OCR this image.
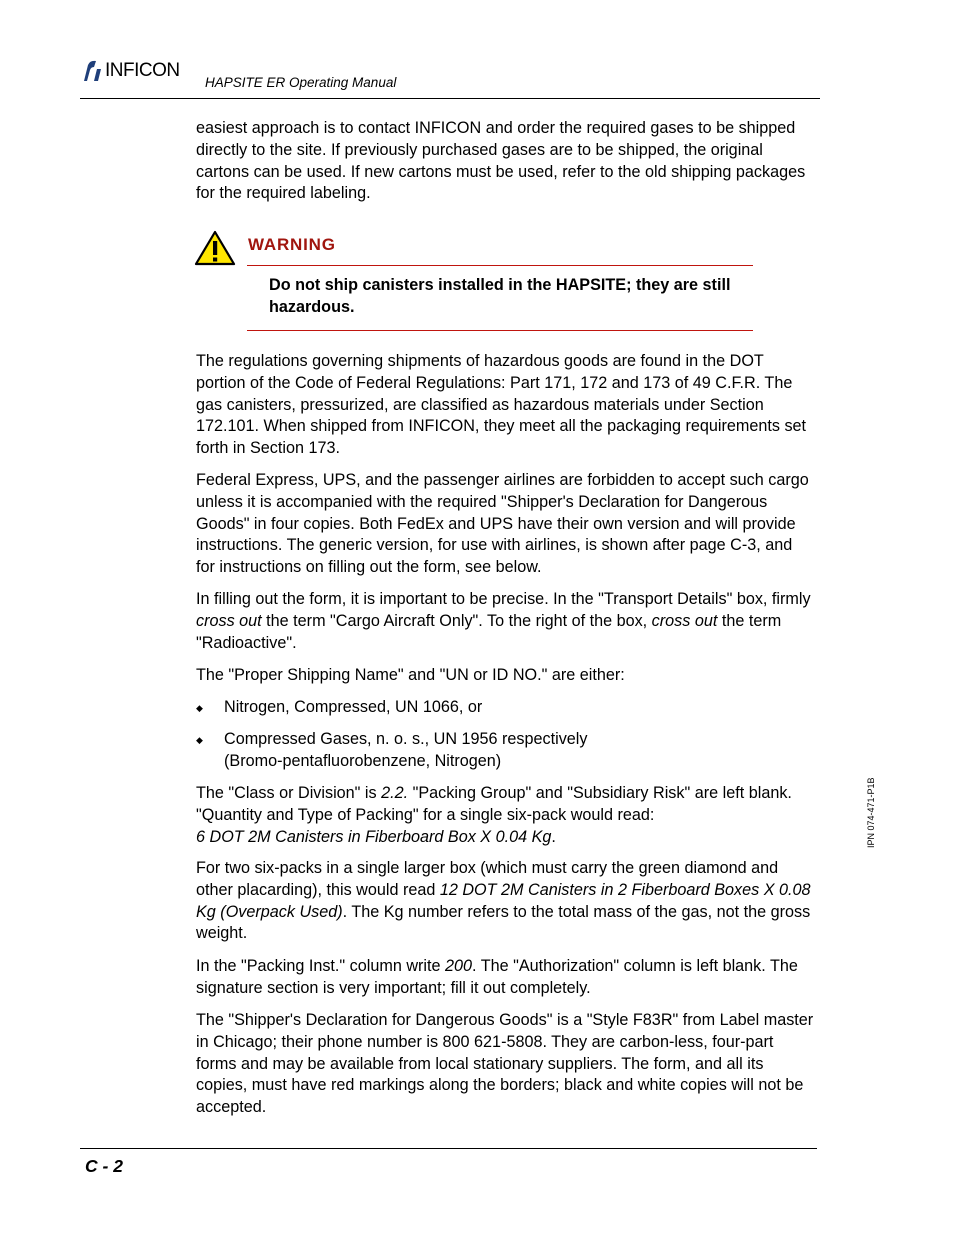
INFICON
HAPSITE ER Operating Manual

easiest approach is to contact INFICON and order the required gases to be shipped directly to the site. If previously purchased gases are to be shipped, the original cartons can be used. If new cartons must be used, refer to the old shipping packages for the required labeling.

WARNING

Do not ship canisters installed in the HAPSITE; they are still hazardous.

The regulations governing shipments of hazardous goods are found in the DOT portion of the Code of Federal Regulations: Part 171, 172 and 173 of 49 C.F.R. The gas canisters, pressurized, are classified as hazardous materials under Section 172.101. When shipped from INFICON, they meet all the packaging requirements set forth in Section 173.

Federal Express, UPS, and the passenger airlines are forbidden to accept such cargo unless it is accompanied with the required "Shipper's Declaration for Dangerous Goods" in four copies. Both FedEx and UPS have their own version and will provide instructions. The generic version, for use with airlines, is shown after page C-3, and for instructions on filling out the form, see below.

In filling out the form, it is important to be precise. In the "Transport Details" box, firmly cross out the term "Cargo Aircraft Only". To the right of the box, cross out the term "Radioactive".

The "Proper Shipping Name" and "UN or ID NO." are either:

◆ Nitrogen, Compressed, UN 1066, or

◆ Compressed Gases, n. o. s., UN 1956 respectively (Bromo-pentafluorobenzene, Nitrogen)

The "Class or Division" is 2.2. "Packing Group" and "Subsidiary Risk" are left blank. "Quantity and Type of Packing" for a single six-pack would read:
6 DOT 2M Canisters in Fiberboard Box X 0.04 Kg.

For two six-packs in a single larger box (which must carry the green diamond and other placarding), this would read 12 DOT 2M Canisters in 2 Fiberboard Boxes X 0.08 Kg (Overpack Used). The Kg number refers to the total mass of the gas, not the gross weight.

In the "Packing Inst." column write 200. The "Authorization" column is left blank. The signature section is very important; fill it out completely.

The "Shipper's Declaration for Dangerous Goods" is a "Style F83R" from Label master in Chicago; their phone number is 800 621-5808. They are carbon-less, four-part forms and may be available from local stationary suppliers. The form, and all its copies, must have red markings along the borders; black and white copies will not be accepted.

IPN 074-471-P1B
C - 2
